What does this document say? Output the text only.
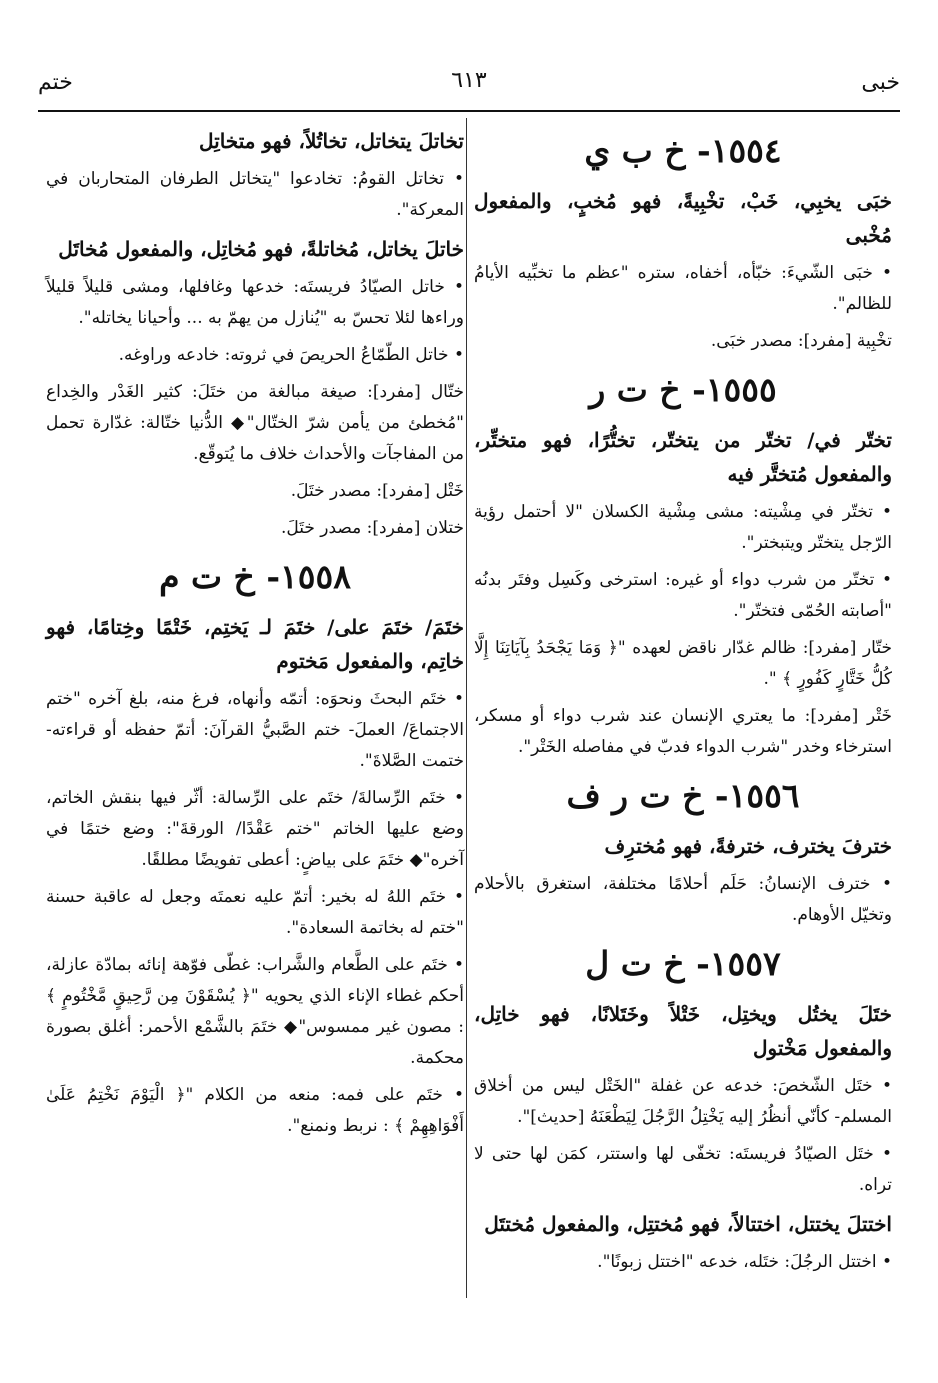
خبى
٦١٣
ختم

١٥٥٤- خ ب ي

خبَى يخبِي، خَبْ، تخْبِيةً، فهو مُخبٍ، والمفعول مُخْبى

• خبَى الشّيءَ: خبّأه، أخفاه، ستره "عظم ما تخبِّيه الأيامُ للظالم".

تخْبِية [مفرد]: مصدر خبَى.

١٥٥٥- خ ت ر

تختّر في/ تختّر من يتختّر، تختُّرًا، فهو متختِّر، والمفعول مُتختَّر فيه

• تختّر في مِشْيته: مشى مِشْية الكسلان "لا أحتمل رؤية الرّجل يتختّر ويتبختر".

• تختّر من شرب دواء أو غيره: استرخى وكَسِل وفتَر بدنُه "أصابته الحُمّى فتختّر".

ختّار [مفرد]: ظالم غدّار ناقض لعهده "﴿ وَمَا يَجْحَدُ بِآيَاتِنَا إِلَّا كُلُّ خَتَّارٍ كَفُورٍ ﴾ ".

خَتْر [مفرد]: ما يعتري الإنسان عند شرب دواء أو مسكر، استرخاء وخدر "شرب الدواء فدبّ في مفاصله الخَتْر".

١٥٥٦- خ ت ر ف

خترفَ يخترف، خترفةً، فهو مُخترِف

• خترف الإنسانُ: حَلَم أحلامًا مختلفة، استغرق بالأحلام وتخيّل الأوهام.

١٥٥٧- خ ت ل

ختَلَ يختُل ويختِل، خَتْلاً وخَتَلانًا، فهو خاتِل، والمفعول مَخْتول

• ختَل الشّخصَ: خدعه عن غفلة "الخَتْل ليس من أخلاق المسلم- كأنّي أنظُرُ إليه يَخْتِلُ الرَّجُلَ لِيَطْعَنَهُ [حديث]".

• ختَل الصيّادُ فريستَه: تخفّى لها واستتر، كمَن لها حتى لا تراه.

اختتلَ يختتل، اختتالاً، فهو مُختتِل، والمفعول مُختتَل

• اختتل الرجُلَ: ختَله، خدعه "اختتل زبونًا".

تخاتلَ يتخاتل، تخاتُلاً، فهو متخاتِل

• تخاتل القومُ: تخادعوا "يتخاتل الطرفان المتحاربان في المعركة".

خاتلَ يخاتل، مُخاتلةً، فهو مُخاتِل، والمفعول مُخاتَل

• خاتل الصيّادُ فريستَه: خدعها وغافلها، ومشى قليلاً قليلاً وراءها لئلا تحسّ به "يُنازل من يهمّ به ... وأحيانا يخاتله".

• خاتل الطّمّاعُ الحريصَ في ثروته: خادعه وراوغه.

ختّال [مفرد]: صيغة مبالغة من ختَلَ: كثير الغَدْر والخِداع "مُخطئ من يأمن شرّ الختّال"◆ الدُّنيا ختّالة: غدّارة تحمل من المفاجآت والأحداث خلاف ما يُتوقّع.

خَتْل [مفرد]: مصدر ختَلَ.

ختلان [مفرد]: مصدر ختَلَ.

١٥٥٨- خ ت م

ختَمَ/ ختَمَ على/ ختَمَ لـ يَختِم، خَتْمًا وخِتامًا، فهو خاتِم، والمفعول مَختوم

• ختَم البحثَ ونحوَه: أتمّه وأنهاه، فرغ منه، بلغ آخره "ختم الاجتماعَ/ العملَ- ختم الصَّبيُّ القرآنَ: أتمّ حفظه أو قراءته- ختمت الصَّلاةَ".

• ختَم الرِّسالةَ/ ختَم على الرِّسالة: أثّر فيها بنقش الخاتم، وضع عليها الخاتم "ختم عَقْدًا/ الورقةَ": وضع ختمًا في آخره"◆ ختَمَ على بياضٍ: أعطى تفويضًا مطلقًا.

• ختَم اللهُ له بخير: أتمّ عليه نعمتَه وجعل له عاقبة حسنة "ختم له بخاتمة السعادة".

• ختَم على الطَّعام والشَّراب: غطّى فوّهة إنائه بمادّة عازلة، أحكم غطاء الإناء الذي يحويه "﴿ يُسْقَوْنَ مِن رَّحِيقٍ مَّخْتُومٍ ﴾ : مصون غير ممسوس"◆ ختَمَ بالشَّمْع الأحمر: أغلق بصورة محكمة.

• ختَم على فمه: منعه من الكلام "﴿ الْيَوْمَ نَخْتِمُ عَلَىٰ أَفْوَاهِهِمْ ﴾ : نربط ونمنع".
